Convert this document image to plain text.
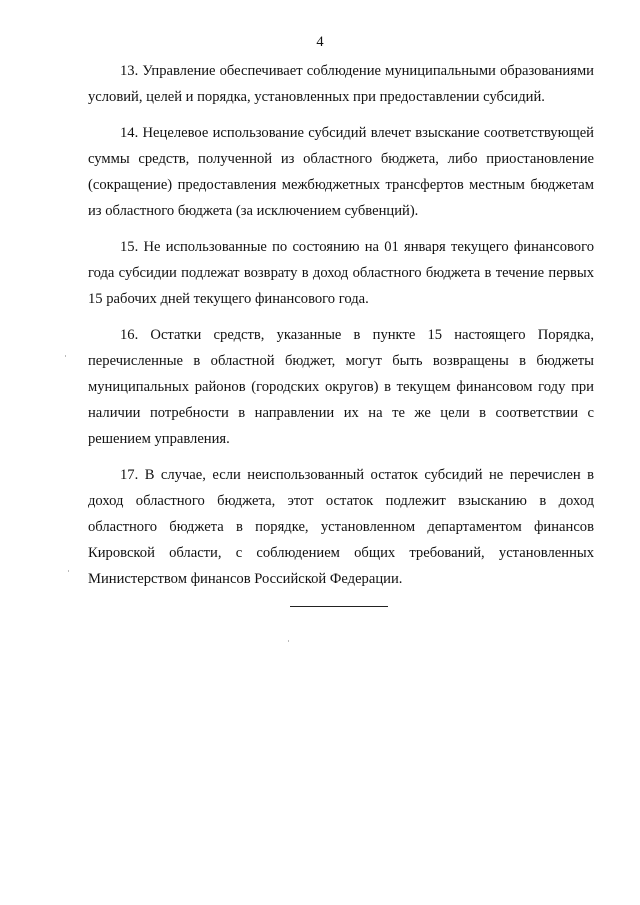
4

13. Управление обеспечивает соблюдение муниципальными образованиями условий, целей и порядка, установленных при предоставлении субсидий.

14. Нецелевое использование субсидий влечет взыскание соответствующей суммы средств, полученной из областного бюджета, либо приостановление (сокращение) предоставления межбюджетных трансфертов местным бюджетам из областного бюджета (за исключением субвенций).

15. Не использованные по состоянию на 01 января текущего финансового года субсидии подлежат возврату в доход областного бюджета в течение первых 15 рабочих дней текущего финансового года.

16. Остатки средств, указанные в пункте 15 настоящего Порядка, перечисленные в областной бюджет, могут быть возвращены в бюджеты муниципальных районов (городских округов) в текущем финансовом году при наличии потребности в направлении их на те же цели в соответствии с решением управления.

17. В случае, если неиспользованный остаток субсидий не перечислен в доход областного бюджета, этот остаток подлежит взысканию в доход областного бюджета в порядке, установленном департаментом финансов Кировской области, с соблюдением общих требований, установленных Министерством финансов Российской Федерации.
